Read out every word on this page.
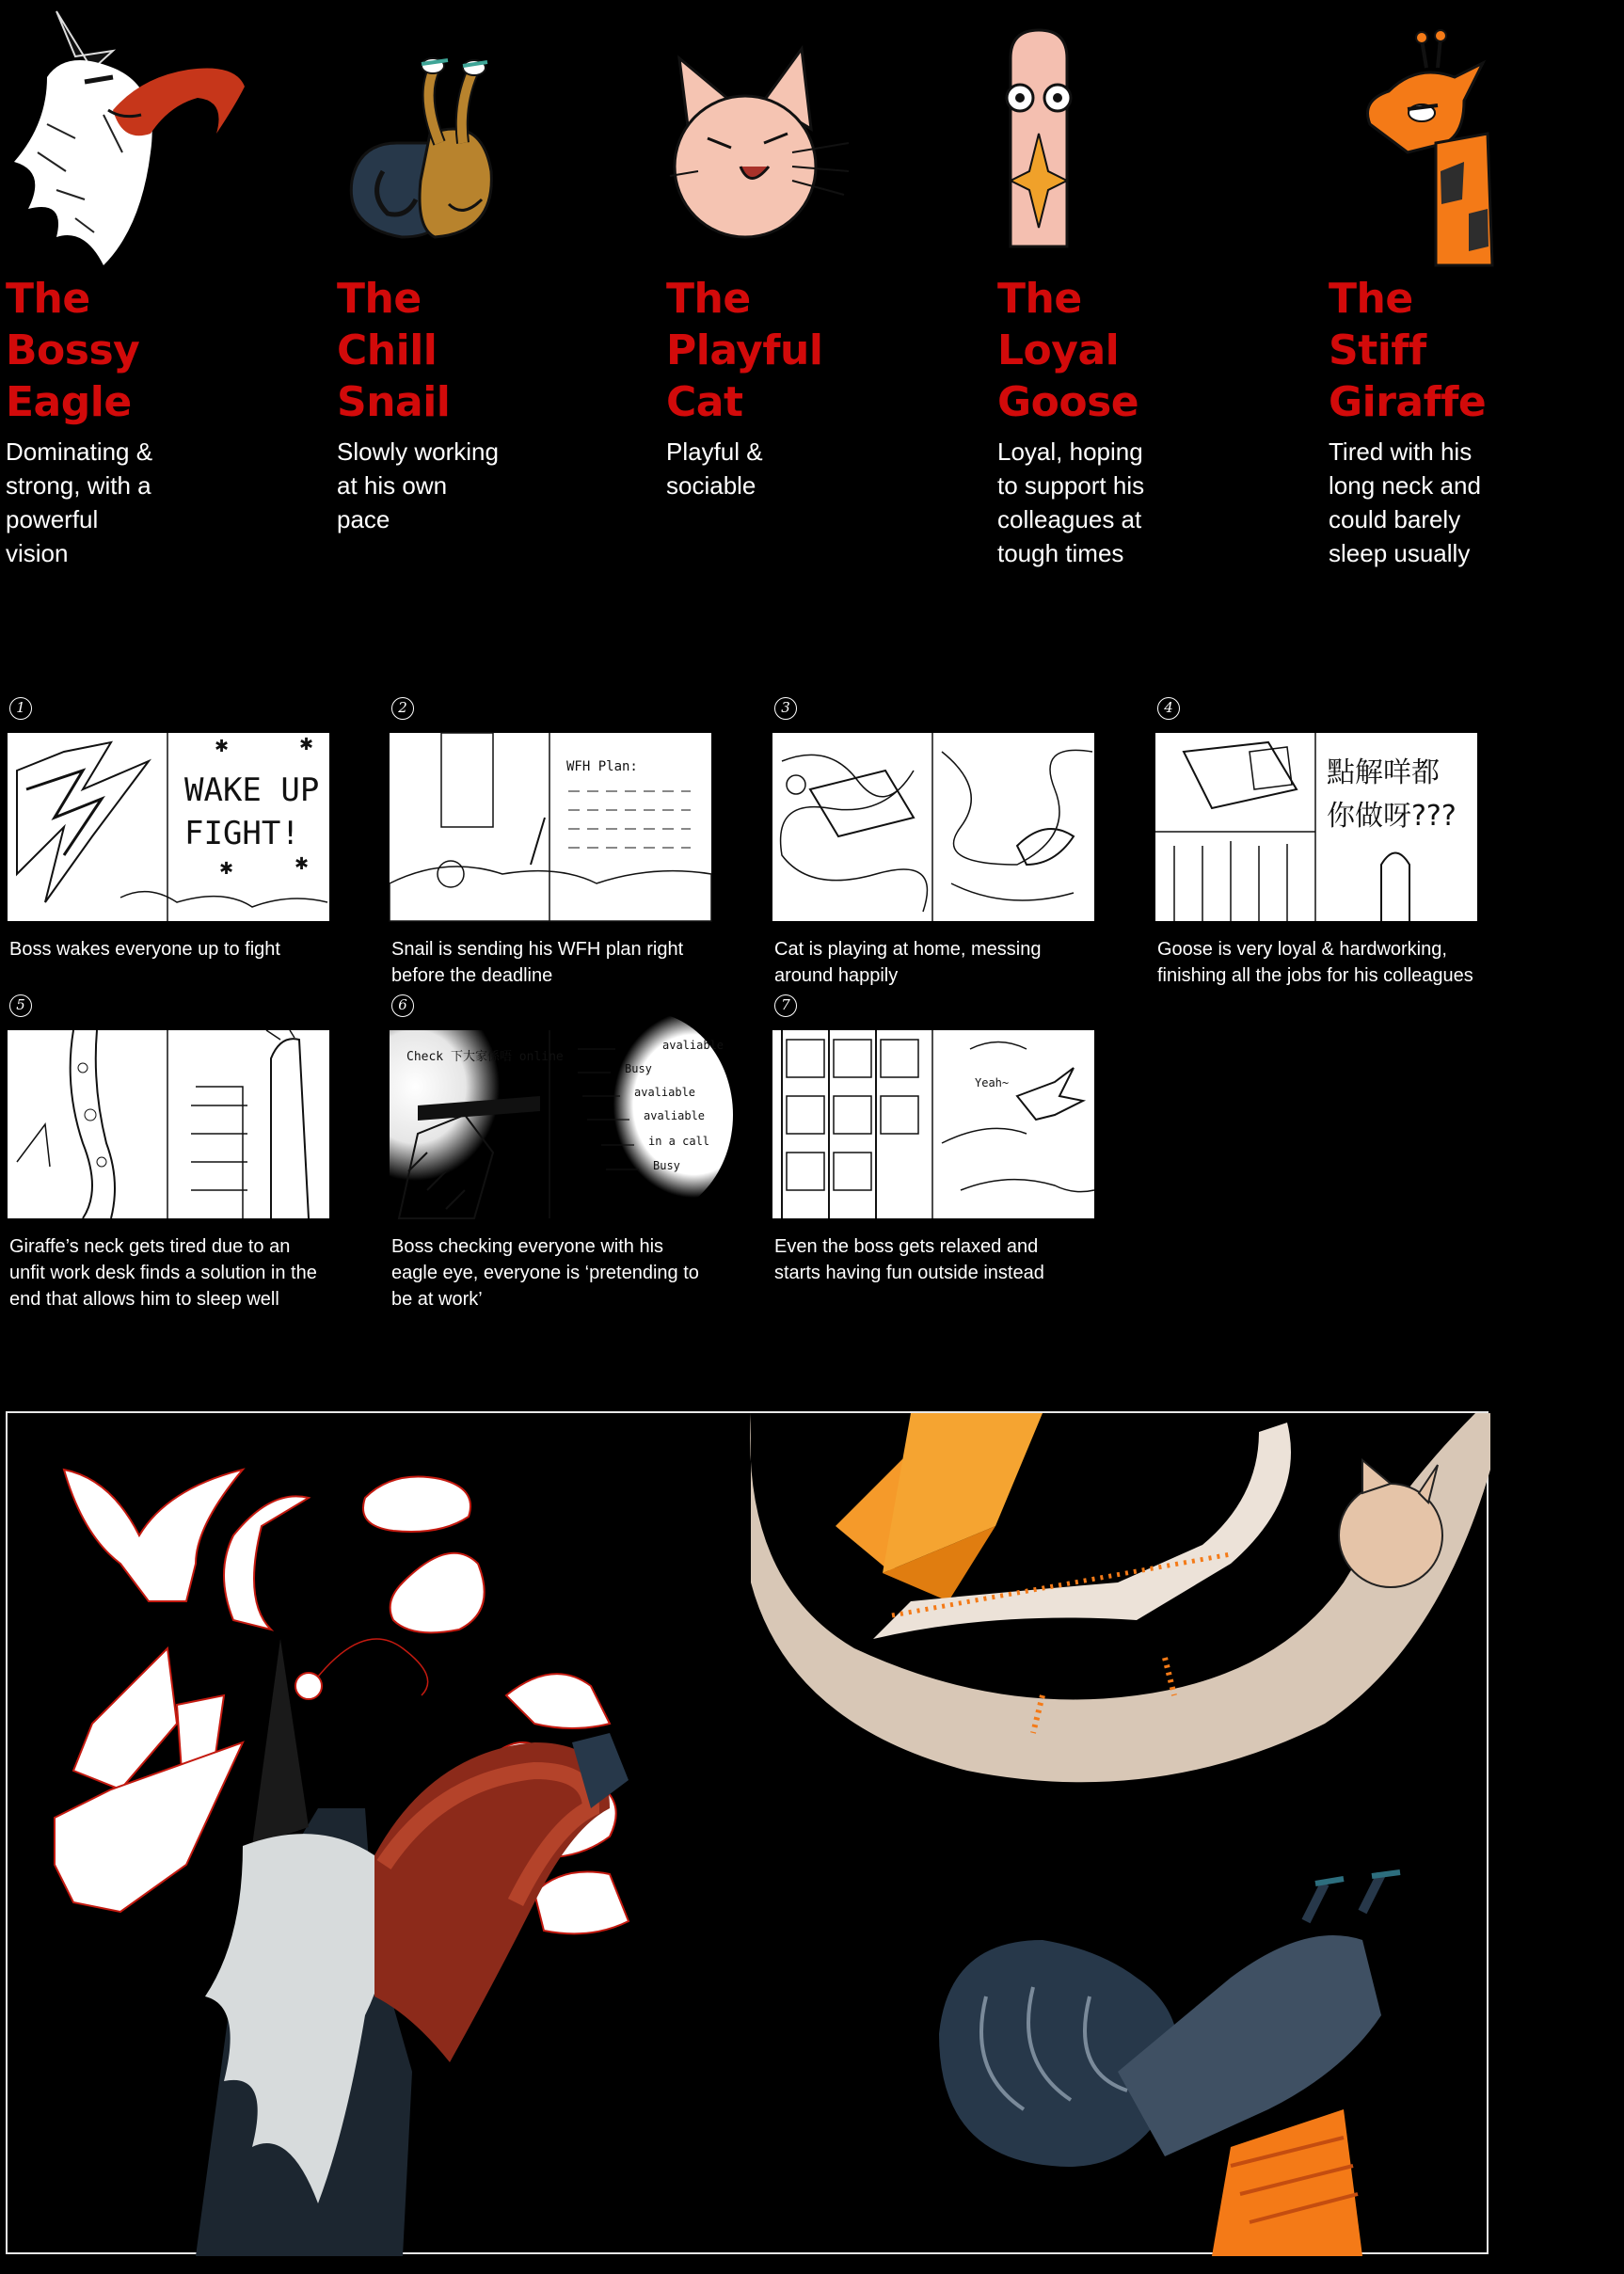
The
Bossy
Eagle
Dominating &
strong, with a
powerful
vision
The
Chill
Snail
Slowly working
at his own
pace
The
Playful
Cat
Playful &
sociable
The
Loyal
Goose
Loyal, hoping
to support his
colleagues at
tough times
The
Stiff
Giraffe
Tired with his
long neck and
could barely
sleep usually
1
WAKE UP
FIGHT!
✱	✱
✱	✱
Boss wakes everyone up to fight
2
WFH Plan:
Snail is sending his WFH plan right
before the deadline
3
Cat is playing at home, messing
around happily
4
點解咩都
你做呀???
Goose is very loyal & hardworking,
finishing all the jobs for his colleagues
5
Giraffe’s neck gets tired due to an
unfit work desk finds a solution in the
end that allows him to sleep well
6
Check 下大家係唔 online
avaliable
Busy
avaliable
avaliable
in a call
Busy
Boss checking everyone with his
eagle eye, everyone is ‘pretending to
be at work’
7
Yeah~
Even the boss gets relaxed and
starts having fun outside instead
